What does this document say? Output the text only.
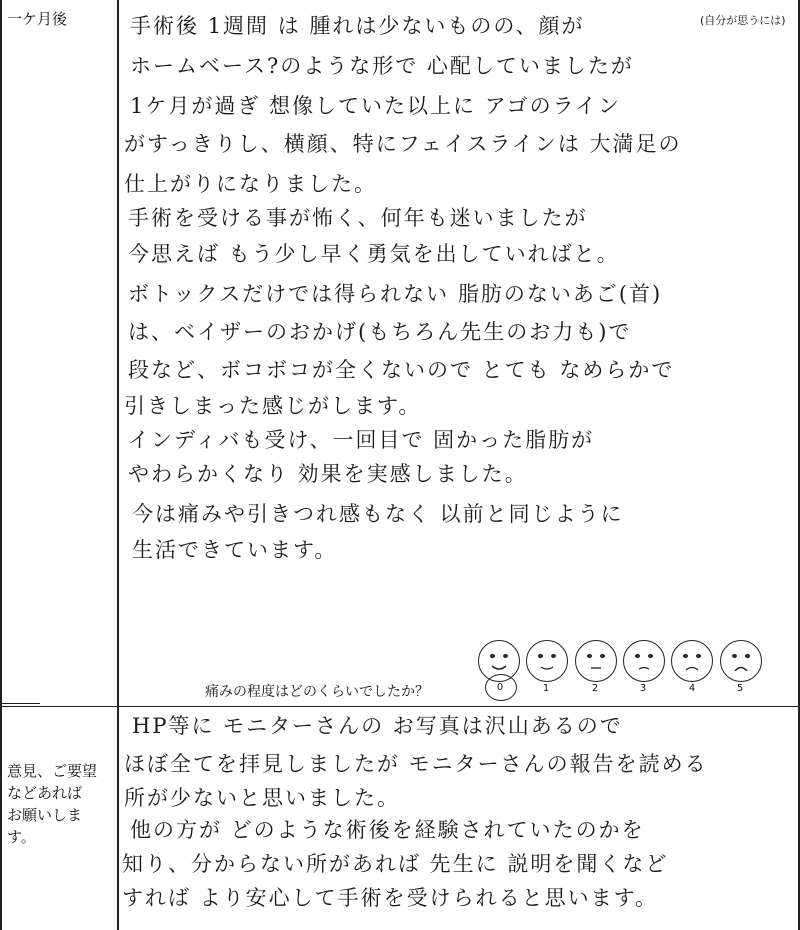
一ケ月後	手術後 1週間 は 腫れは少ないものの、顔が	(自分が思うには)
ホームベース?のような形で 心配していましたが
1ケ月が過ぎ 想像していた以上に アゴのライン
がすっきりし、横顔、特にフェイスラインは 大満足の
仕上がりになりました。
手術を受ける事が怖く、何年も迷いましたが
今思えば もう少し早く勇気を出していればと。
ボトックスだけでは得られない 脂肪のないあご(首)
は、ベイザーのおかげ(もちろん先生のお力も)で
段など、ボコボコが全くないので とても なめらかで
引きしまった感じがします。
インディバも受け、一回目で 固かった脂肪が
やわらかくなり 効果を実感しました。
今は痛みや引きつれ感もなく 以前と同じように
生活できています。
痛みの程度はどのくらいでしたか？	0	1	2	3	4	5
意見、ご要望
などあれば
お願いしま
す。
HP等に モニターさんの お写真は沢山あるので
ほぼ全てを拝見しましたが モニターさんの報告を読める
所が少ないと思いました。
他の方が どのような術後を経験されていたのかを
知り、分からない所があれば 先生に 説明を聞くなど
すれば より安心して手術を受けられると思います。
